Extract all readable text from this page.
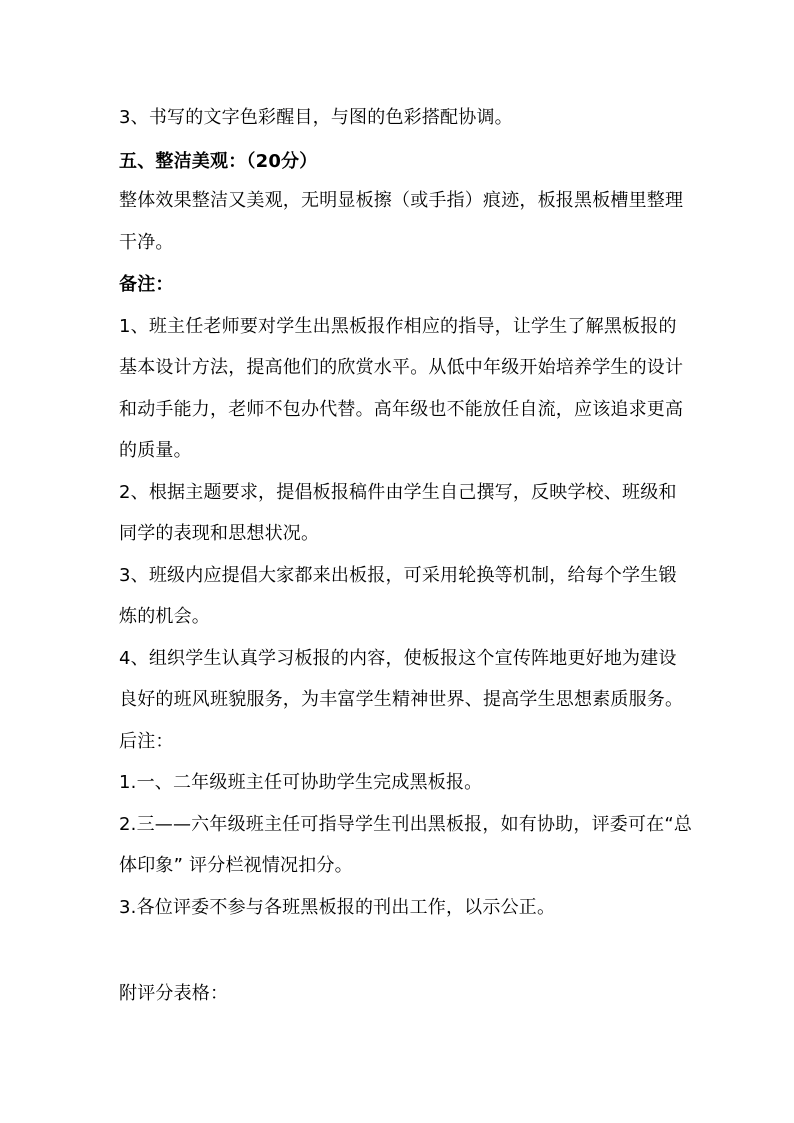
3、书写的文字色彩醒目，与图的色彩搭配协调。
五、整洁美观：（20分）
整体效果整洁又美观，无明显板擦（或手指）痕迹，板报黑板槽里整理
干净。
备注：
1、班主任老师要对学生出黑板报作相应的指导，让学生了解黑板报的
基本设计方法，提高他们的欣赏水平。从低中年级开始培养学生的设计
和动手能力，老师不包办代替。高年级也不能放任自流，应该追求更高
的质量。
2、根据主题要求，提倡板报稿件由学生自己撰写，反映学校、班级和
同学的表现和思想状况。
3、班级内应提倡大家都来出板报，可采用轮换等机制，给每个学生锻
炼的机会。
4、组织学生认真学习板报的内容，使板报这个宣传阵地更好地为建设
良好的班风班貌服务，为丰富学生精神世界、提高学生思想素质服务。
后注：
1.一、二年级班主任可协助学生完成黑板报。
2.三——六年级班主任可指导学生刊出黑板报，如有协助，评委可在“总
体印象” 评分栏视情况扣分。
3.各位评委不参与各班黑板报的刊出工作，以示公正。
附评分表格：
